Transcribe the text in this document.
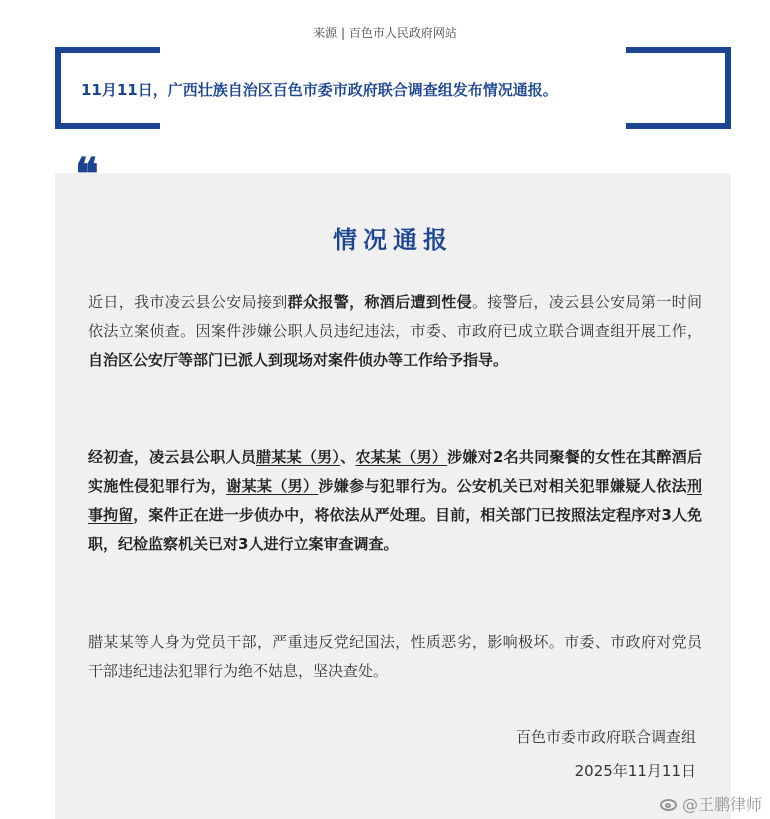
来源 | 百色市人民政府网站
11月11日，广西壮族自治区百色市委市政府联合调查组发布情况通报。
❝
情况通报

近日，我市凌云县公安局接到群众报警，称酒后遭到性侵。接警后，凌云县公安局第一时间依法立案侦查。因案件涉嫌公职人员违纪违法，市委、市政府已成立联合调查组开展工作，自治区公安厅等部门已派人到现场对案件侦办等工作给予指导。

经初查，凌云县公职人员腊某某（男）、农某某（男）涉嫌对2名共同聚餐的女性在其醉酒后实施性侵犯罪行为，谢某某（男）涉嫌参与犯罪行为。公安机关已对相关犯罪嫌疑人依法刑事拘留，案件正在进一步侦办中，将依法从严处理。目前，相关部门已按照法定程序对3人免职，纪检监察机关已对3人进行立案审查调查。

腊某某等人身为党员干部，严重违反党纪国法，性质恶劣，影响极坏。市委、市政府对党员干部违纪违法犯罪行为绝不姑息，坚决查处。

百色市委市政府联合调查组
2025年11月11日
@王鹏律师
